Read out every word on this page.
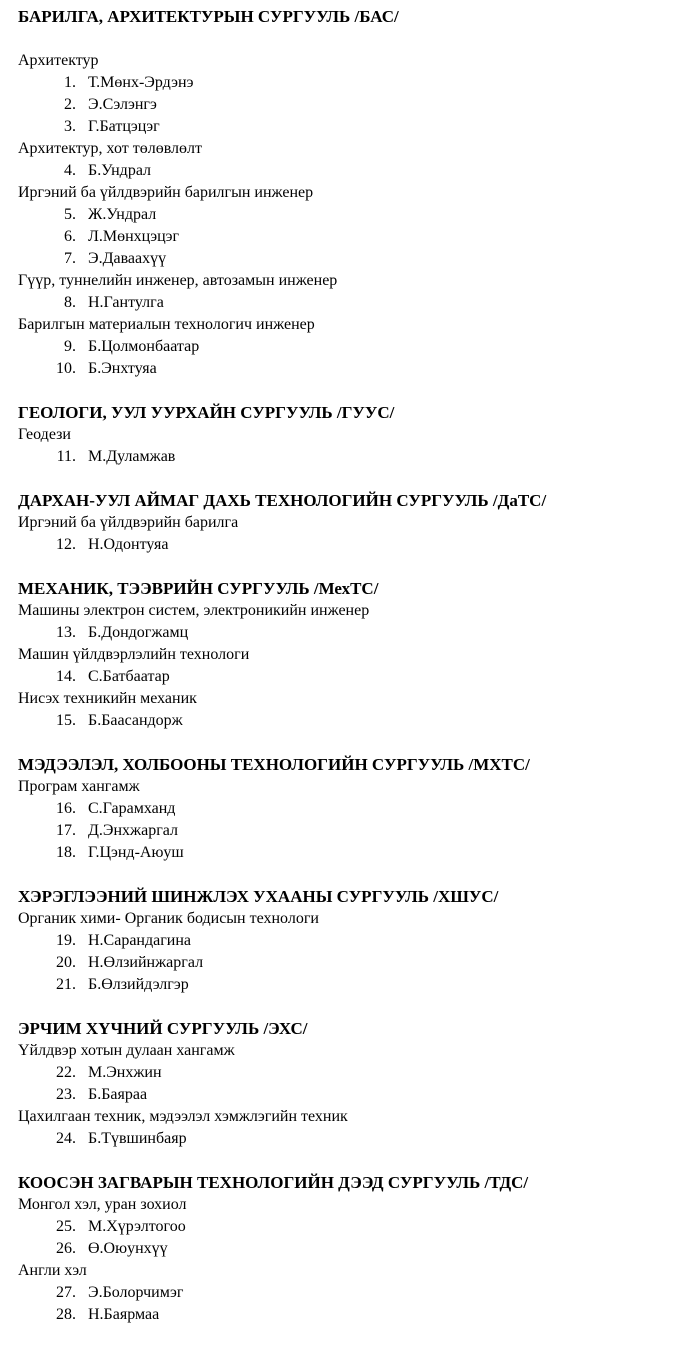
БАРИЛГА, АРХИТЕКТУРЫН СУРГУУЛЬ /БАС/
Архитектур
1. Т.Мөнх-Эрдэнэ
2. Э.Сэлэнгэ
3. Г.Батцэцэг
Архитектур, хот төлөвлөлт
4. Б.Ундрал
Иргэний ба үйлдвэрийн барилгын инженер
5. Ж.Ундрал
6. Л.Мөнхцэцэг
7. Э.Даваахүү
Гүүр, туннелийн инженер, автозамын инженер
8. Н.Гантулга
Барилгын материалын технологич инженер
9. Б.Цолмонбаатар
10. Б.Энхтуяа
ГЕОЛОГИ, УУЛ УУРХАЙН СУРГУУЛЬ /ГУУС/
Геодези
11. М.Дуламжав
ДАРХАН-УУЛ АЙМАГ ДАХЬ ТЕХНОЛОГИЙН СУРГУУЛЬ /ДаТС/
Иргэний ба үйлдвэрийн барилга
12. Н.Одонтуяа
МЕХАНИК, ТЭЭВРИЙН СУРГУУЛЬ /МехТС/
Машины электрон систем, электроникийн инженер
13. Б.Дондогжамц
Машин үйлдвэрлэлийн технологи
14. С.Батбаатар
Нисэх техникийн механик
15. Б.Баасандорж
МЭДЭЭЛЭЛ, ХОЛБООНЫ ТЕХНОЛОГИЙН СУРГУУЛЬ /МХТС/
Програм хангамж
16. С.Гарамханд
17. Д.Энхжаргал
18. Г.Цэнд-Аюуш
ХЭРЭГЛЭЭНИЙ ШИНЖЛЭХ УХААНЫ СУРГУУЛЬ /ХШУС/
Органик хими- Органик бодисын технологи
19. Н.Сарандагина
20. Н.Өлзийнжаргал
21. Б.Өлзийдэлгэр
ЭРЧИМ ХҮЧНИЙ СУРГУУЛЬ /ЭХС/
Үйлдвэр хотын дулаан хангамж
22. М.Энхжин
23. Б.Баяраа
Цахилгаан техник, мэдээлэл хэмжлэгийн техник
24. Б.Түвшинбаяр
КООСЭН ЗАГВАРЫН ТЕХНОЛОГИЙН ДЭЭД СУРГУУЛЬ /ТДС/
Монгол хэл, уран зохиол
25. М.Хүрэлтогоо
26. Ө.Оюунхүү
Англи хэл
27. Э.Болорчимэг
28. Н.Баярмаа
